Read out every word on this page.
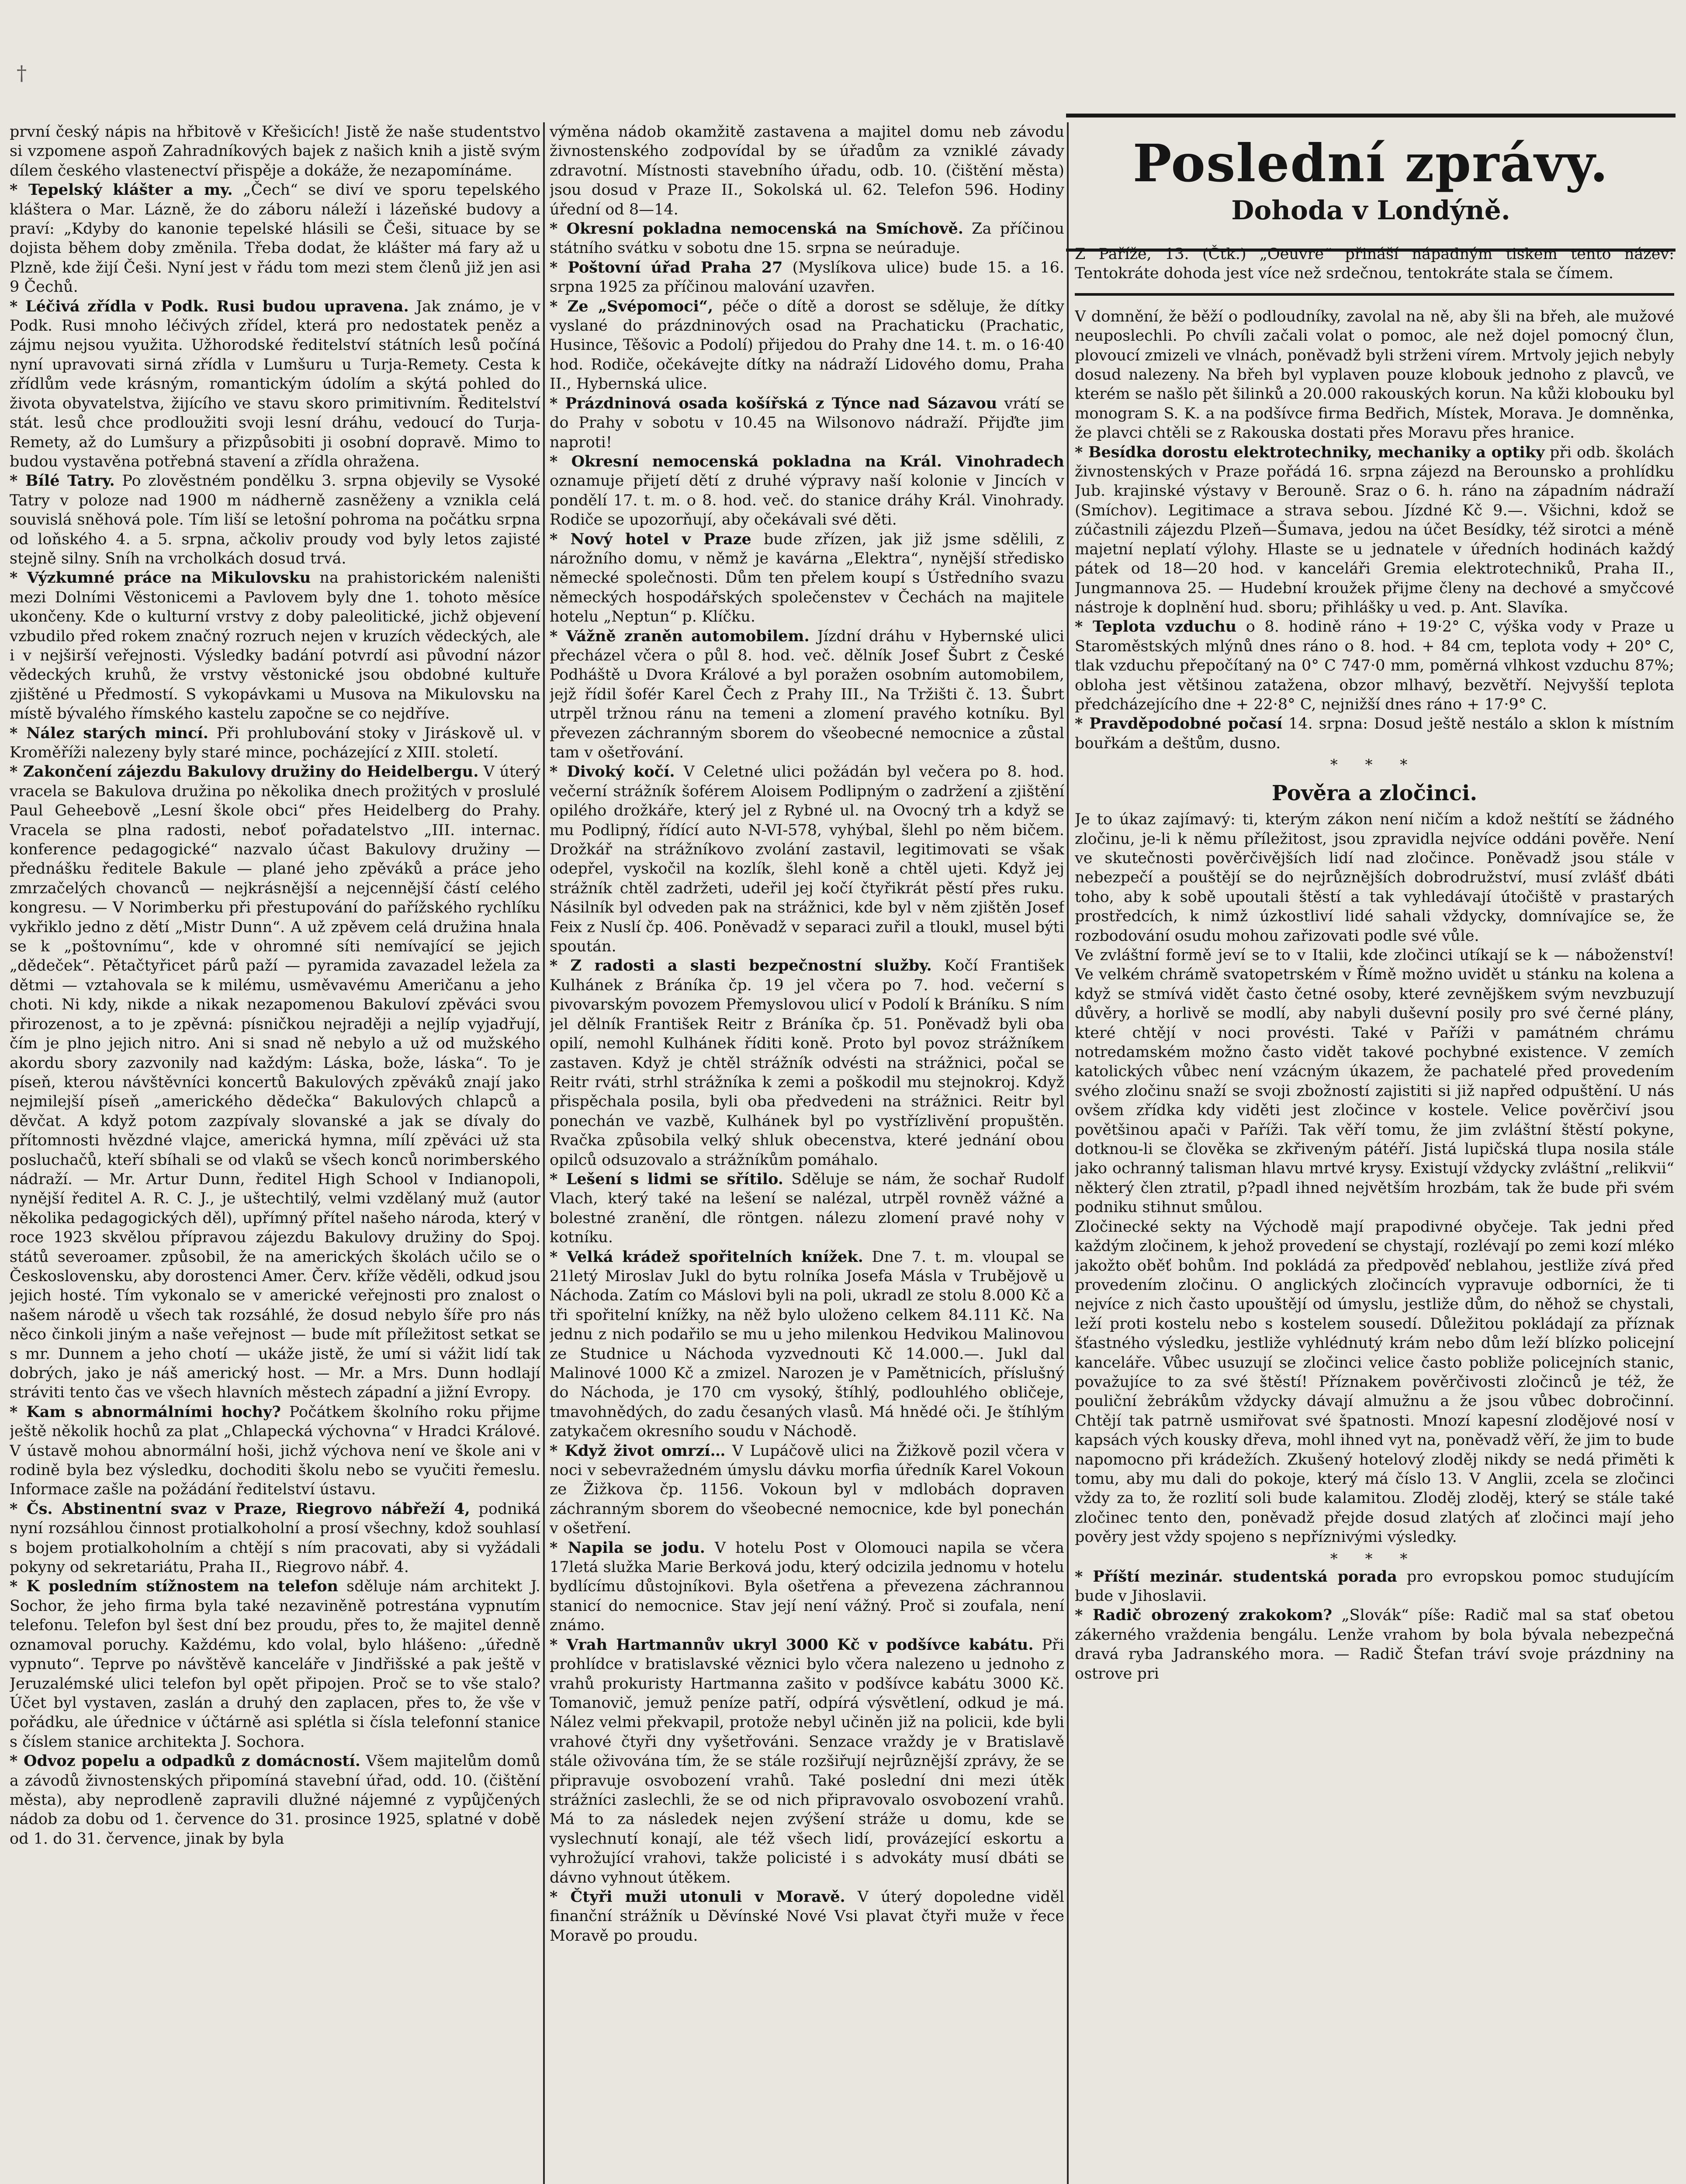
†

první český nápis na hřbitově v Křešicích! Jistě že naše studentstvo si vzpomene aspoň Zahradníkových bajek z našich knih a jistě svým dílem českého vlastenectví přispěje a dokáže, že nezapomínáme.

* Tepelský klášter a my. „Čech“ se diví ve sporu tepelského kláštera o Mar. Lázně, že do záboru náleží i lázeňské budovy a praví: „Kdyby do kanonie tepelské hlásili se Češi, situace by se dojista během doby změnila. Třeba dodat, že klášter má fary až u Plzně, kde žijí Češi. Nyní jest v řádu tom mezi stem členů již jen asi 9 Čechů.

* Léčivá zřídla v Podk. Rusi budou upravena. Jak známo, je v Podk. Rusi mnoho léčivých zřídel, která pro nedostatek peněz a zájmu nejsou využita. Užhorodské ředitelství státních lesů počíná nyní upravovati sirná zřídla v Lumšuru u Turja-Remety. Cesta k zřídlům vede krásným, romantickým údolím a skýtá pohled do života obyvatelstva, žijícího ve stavu skoro primitivním. Ředitelství stát. lesů chce prodloužiti svoji lesní dráhu, vedoucí do Turja-Remety, až do Lumšury a přizpůsobiti ji osobní dopravě. Mimo to budou vystavěna potřebná stavení a zřídla ohražena.

* Bílé Tatry. Po zlověstném pondělku 3. srpna objevily se Vysoké Tatry v poloze nad 1900 m nádherně zasněženy a vznikla celá souvislá sněhová pole. Tím liší se letošní pohroma na počátku srpna od loňského 4. a 5. srpna, ačkoliv proudy vod byly letos zajisté stejně silny. Sníh na vrcholkách dosud trvá.

* Výzkumné práce na Mikulovsku na prahistorickém naleništi mezi Dolními Věstonicemi a Pavlovem byly dne 1. tohoto měsíce ukončeny. Kde o kulturní vrstvy z doby paleolitické, jichž objevení vzbudilo před rokem značný rozruch nejen v kruzích vědeckých, ale i v nejširší veřejnosti. Výsledky badání potvrdí asi původní názor vědeckých kruhů, že vrstvy věstonické jsou obdobné kultuře zjištěné u Předmostí. S vykopávkami u Musova na Mikulovsku na místě bývalého římského kastelu započne se co nejdříve.

* Nález starých mincí. Při prohlubování stoky v Jiráskově ul. v Kroměříži nalezeny byly staré mince, pocházející z XIII. století.

* Zakončení zájezdu Bakulovy družiny do Heidelbergu. V úterý vracela se Bakulova družina po několika dnech prožitých v proslulé Paul Geheebově „Lesní škole obci“ přes Heidelberg do Prahy. Vracela se plna radosti, neboť pořadatelstvo „III. internac. konference pedagogické“ nazvalo účast Bakulovy družiny — přednášku ředitele Bakule — plané jeho zpěváků a práce jeho zmrzačelých chovanců — nejkrásnější a nejcennější částí celého kongresu. — V Norimberku při přestupování do pařížského rychlíku vykřiklo jedno z dětí „Mistr Dunn“. A už zpěvem celá družina hnala se k „poštovnímu“, kde v ohromné síti nemívající se jejich „dědeček“. Pětačtyřicet párů paží — pyramida zavazadel ležela za dětmi — vztahovala se k milému, usměvavému Američanu a jeho choti. Ni kdy, nikde a nikak nezapomenou Bakuloví zpěváci svou přirozenost, a to je zpěvná: písničkou nejraději a nejlíp vyjadřují, čím je plno jejich nitro. Ani si snad ně nebylo a už od mužského akordu sbory zazvonily nad každým: Láska, bože, láska“. To je píseň, kterou návštěvníci koncertů Bakulových zpěváků znají jako nejmilejší píseň „amerického dědečka“ Bakulových chlapců a děvčat. A když potom zazpívaly slovanské a jak se dívaly do přítomnosti hvězdné vlajce, americká hymna, mílí zpěváci už sta posluchačů, kteří sbíhali se od vlaků se všech konců norimberského nádraží. — Mr. Artur Dunn, ředitel High School v Indianopoli, nynější ředitel A. R. C. J., je uštechtilý, velmi vzdělaný muž (autor několika pedagogických děl), upřímný přítel našeho národa, který v roce 1923 skvělou přípravou zájezdu Bakulovy družiny do Spoj. států severoamer. způsobil, že na amerických školách učilo se o Československu, aby dorostenci Amer. Červ. kříže věděli, odkud jsou jejich hosté. Tím vykonalo se v americké veřejnosti pro znalost o našem národě u všech tak rozsáhlé, že dosud nebylo šíře pro nás něco činkoli jiným a naše veřejnost — bude mít příležitost setkat se s mr. Dunnem a jeho chotí — ukáže jistě, že umí si vážit lidí tak dobrých, jako je náš americký host. — Mr. a Mrs. Dunn hodlají stráviti tento čas ve všech hlavních městech západní a jižní Evropy.

* Kam s abnormálními hochy? Počátkem školního roku přijme ještě několik hochů za plat „Chlapecká výchovna“ v Hradci Králové. V ústavě mohou abnormální hoši, jichž výchova není ve škole ani v rodině byla bez výsledku, dochoditi školu nebo se vyučiti řemeslu. Informace zašle na požádání ředitelství ústavu.

* Čs. Abstinentní svaz v Praze, Riegrovo nábřeží 4, podniká nyní rozsáhlou činnost protialkoholní a prosí všechny, kdož souhlasí s bojem protialkoholním a chtějí s ním pracovati, aby si vyžádali pokyny od sekretariátu, Praha II., Riegrovo nábř. 4.

* K posledním stížnostem na telefon sděluje nám architekt J. Sochor, že jeho firma byla také nezaviněně potrestána vypnutím telefonu. Telefon byl šest dní bez proudu, přes to, že majitel denně oznamoval poruchy. Každému, kdo volal, bylo hlášeno: „úředně vypnuto“. Teprve po návštěvě kanceláře v Jindřišské a pak ještě v Jeruzalémské ulici telefon byl opět připojen. Proč se to vše stalo? Účet byl vystaven, zaslán a druhý den zaplacen, přes to, že vše v pořádku, ale úřednice v účtárně asi splétla si čísla telefonní stanice s číslem stanice architekta J. Sochora.

* Odvoz popelu a odpadků z domácností. Všem majitelům domů a závodů živnostenských připomíná stavební úřad, odd. 10. (čištění města), aby neprodleně zapravili dlužné nájemné z vypůjčených nádob za dobu od 1. července do 31. prosince 1925, splatné v době od 1. do 31. července, jinak by byla

výměna nádob okamžitě zastavena a majitel domu neb závodu živnostenského zodpovídal by se úřadům za vzniklé závady zdravotní. Místnosti stavebního úřadu, odb. 10. (čištění města) jsou dosud v Praze II., Sokolská ul. 62. Telefon 596. Hodiny úřední od 8—14.

* Okresní pokladna nemocenská na Smíchově. Za příčinou státního svátku v sobotu dne 15. srpna se neúraduje.

* Poštovní úřad Praha 27 (Myslíkova ulice) bude 15. a 16. srpna 1925 za příčinou malování uzavřen.

* Ze „Svépomoci“, péče o dítě a dorost se sděluje, že dítky vyslané do prázdninových osad na Prachaticku (Prachatic, Husince, Těšovic a Podolí) přijedou do Prahy dne 14. t. m. o 16·40 hod. Rodiče, očekávejte dítky na nádraží Lidového domu, Praha II., Hybernská ulice.

* Prázdninová osada košířská z Týnce nad Sázavou vrátí se do Prahy v sobotu v 10.45 na Wilsonovo nádraží. Přijďte jim naproti!

* Okresní nemocenská pokladna na Král. Vinohradech oznamuje přijetí dětí z druhé výpravy naší kolonie v Jincích v pondělí 17. t. m. o 8. hod. več. do stanice dráhy Král. Vinohrady. Rodiče se upozorňují, aby očekávali své děti.

* Nový hotel v Praze bude zřízen, jak již jsme sdělili, z nárožního domu, v němž je kavárna „Elektra“, nynější středisko německé společnosti. Dům ten přelem koupí s Ústředního svazu německých hospodářských společenstev v Čechách na majitele hotelu „Neptun“ p. Klíčku.

* Vážně zraněn automobilem. Jízdní dráhu v Hybernské ulici přecházel včera o půl 8. hod. več. dělník Josef Šubrt z České Podháště u Dvora Králové a byl poražen osobním automobilem, jejž řídil šofér Karel Čech z Prahy III., Na Tržišti č. 13. Šubrt utrpěl tržnou ránu na temeni a zlomení pravého kotníku. Byl převezen záchranným sborem do všeobecné nemocnice a zůstal tam v ošetřování.

* Divoký kočí. V Celetné ulici požádán byl večera po 8. hod. večerní strážník šoférem Aloisem Podlipným o zadržení a zjištění opilého drožkáře, který jel z Rybné ul. na Ovocný trh a když se mu Podlipný, řídící auto N-VI-578, vyhýbal, šlehl po něm bičem. Drožkář na strážníkovo zvolání zastavil, legitimovati se však odepřel, vyskočil na kozlík, šlehl koně a chtěl ujeti. Když jej strážník chtěl zadržeti, udeřil jej kočí čtyřikrát pěstí přes ruku. Násilník byl odveden pak na strážnici, kde byl v něm zjištěn Josef Feix z Nuslí čp. 406. Poněvadž v separaci zuřil a tloukl, musel býti spoután.

* Z radosti a slasti bezpečnostní služby. Kočí František Kulhánek z Bráníka čp. 19 jel včera po 7. hod. večerní s pivovarským povozem Přemyslovou ulicí v Podolí k Bráníku. S ním jel dělník František Reitr z Bráníka čp. 51. Poněvadž byli oba opilí, nemohl Kulhánek říditi koně. Proto byl povoz strážníkem zastaven. Když je chtěl strážník odvésti na strážnici, počal se Reitr rváti, strhl strážníka k zemi a poškodil mu stejnokroj. Když přispěchala posila, byli oba předvedeni na strážnici. Reitr byl ponechán ve vazbě, Kulhánek byl po vystřízlivění propuštěn. Rvačka způsobila velký shluk obecenstva, které jednání obou opilců odsuzovalo a strážníkům pomáhalo.

* Lešení s lidmi se sřítilo. Sděluje se nám, že sochař Rudolf Vlach, který také na lešení se nalézal, utrpěl rovněž vážné a bolestné zranění, dle röntgen. nálezu zlomení pravé nohy v kotníku.

* Velká krádež spořitelních knížek. Dne 7. t. m. vloupal se 21letý Miroslav Jukl do bytu rolníka Josefa Másla v Trubějově u Náchoda. Zatím co Máslovi byli na poli, ukradl ze stolu 8.000 Kč a tři spořitelní knížky, na něž bylo uloženo celkem 84.111 Kč. Na jednu z nich podařilo se mu u jeho milenkou Hedvikou Malinovou ze Studnice u Náchoda vyzvednouti Kč 14.000.—. Jukl dal Malinové 1000 Kč a zmizel. Narozen je v Pamětnicích, příslušný do Náchoda, je 170 cm vysoký, štíhlý, podlouhlého obličeje, tmavohnědých, do zadu česaných vlasů. Má hnědé oči. Je štíhlým zatykačem okresního soudu v Náchodě.

* Když život omrzí… V Lupáčově ulici na Žižkově pozil včera v noci v sebevražedném úmyslu dávku morfia úředník Karel Vokoun ze Žižkova čp. 1156. Vokoun byl v mdlobách dopraven záchranným sborem do všeobecné nemocnice, kde byl ponechán v ošetření.

* Napila se jodu. V hotelu Post v Olomouci napila se včera 17letá služka Marie Berková jodu, který odcizila jednomu v hotelu bydlícímu důstojníkovi. Byla ošetřena a převezena záchrannou stanicí do nemocnice. Stav její není vážný. Proč si zoufala, není známo.

* Vrah Hartmannův ukryl 3000 Kč v podšívce kabátu. Při prohlídce v bratislavské věznici bylo včera nalezeno u jednoho z vrahů prokuristy Hartmanna zašito v podšívce kabátu 3000 Kč. Tomanovič, jemuž peníze patří, odpírá výsvětlení, odkud je má. Nález velmi překvapil, protože nebyl učiněn již na policii, kde byli vrahové čtyři dny vyšetřováni. Senzace vraždy je v Bratislavě stále oživována tím, že se stále rozšiřují nejrůznější zprávy, že se připravuje osvobození vrahů. Také poslední dni mezi útěk strážníci zaslechli, že se od nich připravovalo osvobození vrahů. Má to za následek nejen zvýšení stráže u domu, kde se vyslechnutí konají, ale též všech lidí, provázející eskortu a vyhrožující vrahovi, takže policisté i s advokáty musí dbáti se dávno vyhnout útěkem.

* Čtyři muži utonuli v Moravě. V úterý dopoledne viděl finanční strážník u Děvínské Nové Vsi plavat čtyři muže v řece Moravě po proudu.

Poslední zprávy.
Dohoda v Londýně.

Z Paříže, 13. (Čtk.) „Oeuvre“ přináší nápadným tiskem tento název: Tentokráte dohoda jest více než srdečnou, tentokráte stala se čímem.

V domnění, že běží o podloudníky, zavolal na ně, aby šli na břeh, ale mužové neuposlechli. Po chvíli začali volat o pomoc, ale než dojel pomocný člun, plovoucí zmizeli ve vlnách, poněvadž byli strženi vírem. Mrtvoly jejich nebyly dosud nalezeny. Na břeh byl vyplaven pouze klobouk jednoho z plavců, ve kterém se našlo pět šilinků a 20.000 rakouských korun. Na kůži klobouku byl monogram S. K. a na podšívce firma Bedřich, Místek, Morava. Je domněnka, že plavci chtěli se z Rakouska dostati přes Moravu přes hranice.

* Besídka dorostu elektrotechniky, mechaniky a optiky při odb. školách živnostenských v Praze pořádá 16. srpna zájezd na Berounsko a prohlídku Jub. krajinské výstavy v Berouně. Sraz o 6. h. ráno na západním nádraží (Smíchov). Legitimace a strava sebou. Jízdné Kč 9.—. Všichni, kdož se zúčastnili zájezdu Plzeň—Šumava, jedou na účet Besídky, též sirotci a méně majetní neplatí výlohy. Hlaste se u jednatele v úředních hodinách každý pátek od 18—20 hod. v kanceláři Gremia elektrotechniků, Praha II., Jungmannova 25. — Hudební kroužek přijme členy na dechové a smyčcové nástroje k doplnění hud. sboru; přihlášky u ved. p. Ant. Slavíka.

* Teplota vzduchu o 8. hodině ráno + 19·2° C, výška vody v Praze u Staroměstských mlýnů dnes ráno o 8. hod. + 84 cm, teplota vody + 20° C, tlak vzduchu přepočítaný na 0° C 747·0 mm, poměrná vlhkost vzduchu 87%; obloha jest většinou zatažena, obzor mlhavý, bezvětří. Nejvyšší teplota předcházejícího dne + 22·8° C, nejnižší dnes ráno + 17·9° C.

* Pravděpodobné počasí 14. srpna: Dosud ještě nestálo a sklon k místním bouřkám a deštům, dusno.

* * *
Pověra a zločinci.

Je to úkaz zajímavý: ti, kterým zákon není ničím a kdož neštítí se žádného zločinu, je-li k němu příležitost, jsou zpravidla nejvíce oddáni pověře. Není ve skutečnosti pověrčivějších lidí nad zločince. Poněvadž jsou stále v nebezpečí a pouštějí se do nejrůznějších dobrodružství, musí zvlášť dbáti toho, aby k sobě upoutali štěstí a tak vyhledávají útočiště v prastarých prostředcích, k nimž úzkostliví lidé sahali vždycky, domnívajíce se, že rozbodování osudu mohou zařizovati podle své vůle.

Ve zvláštní formě jeví se to v Italii, kde zločinci utíkají se k — náboženství! Ve velkém chrámě svatopetrském v Římě možno uvidět u stánku na kolena a když se stmívá vidět často četné osoby, které zevnějškem svým nevzbuzují důvěry, a horlivě se modlí, aby nabyli duševní posily pro své černé plány, které chtějí v noci provésti. Také v Paříži v památném chrámu notredamském možno často vidět takové pochybné existence. V zemích katolických vůbec není vzácným úkazem, že pachatelé před provedením svého zločinu snaží se svoji zbožností zajistiti si již napřed odpuštění. U nás ovšem zřídka kdy viděti jest zločince v kostele. Velice pověrčiví jsou povětšinou apači v Paříži. Tak věří tomu, že jim zvláštní štěstí pokyne, dotknou-li se člověka se zkřiveným pátéří. Jistá lupičská tlupa nosila stále jako ochranný talisman hlavu mrtvé krysy. Existují vždycky zvláštní „relikvii“ některý člen ztratil, p?padl ihned největším hrozbám, tak že bude při svém podniku stihnut smůlou.

Zločinecké sekty na Východě mají prapodivné obyčeje. Tak jedni před každým zločinem, k jehož provedení se chystají, rozlévají po zemi kozí mléko jakožto oběť bohům. Ind pokládá za předpověď neblahou, jestliže zívá před provedením zločinu. O anglických zločincích vypravuje odborníci, že ti nejvíce z nich často upouštějí od úmyslu, jestliže dům, do něhož se chystali, leží proti kostelu nebo s kostelem sousedí. Důležitou pokládají za příznak šťastného výsledku, jestliže vyhlédnutý krám nebo dům leží blízko policejní kanceláře. Vůbec usuzují se zločinci velice často pobliže policejních stanic, považujíce to za své štěstí! Příznakem pověrčivosti zločinců je též, že pouliční žebrákům vždycky dávají almužnu a že jsou vůbec dobročinní. Chtějí tak patrně usmiřovat své špatnosti. Mnozí kapesní zlodějové nosí v kapsách vých kousky dřeva, mohl ihned vyt na, poněvadž věří, že jim to bude napomocno při krádežích. Zkušený hotelový zloděj nikdy se nedá přiměti k tomu, aby mu dali do pokoje, který má číslo 13. V Anglii, zcela se zločinci vždy za to, že rozlití soli bude kalamitou. Zloděj zloděj, který se stále také zločinec tento den, poněvadž přejde dosud zlatých ať zločinci mají jeho pověry jest vždy spojeno s nepříznivými výsledky.

* * *

* Příští mezinár. studentská porada pro evropskou pomoc studujícím bude v Jihoslavii.

* Radič obrozený zrakokom? „Slovák“ píše: Radič mal sa stať obetou zákerného vraždenia bengálu. Lenže vrahom by bola bývala nebezpečná dravá ryba Jadranského mora. — Radič Štefan tráví svoje prázdniny na ostrove pri
